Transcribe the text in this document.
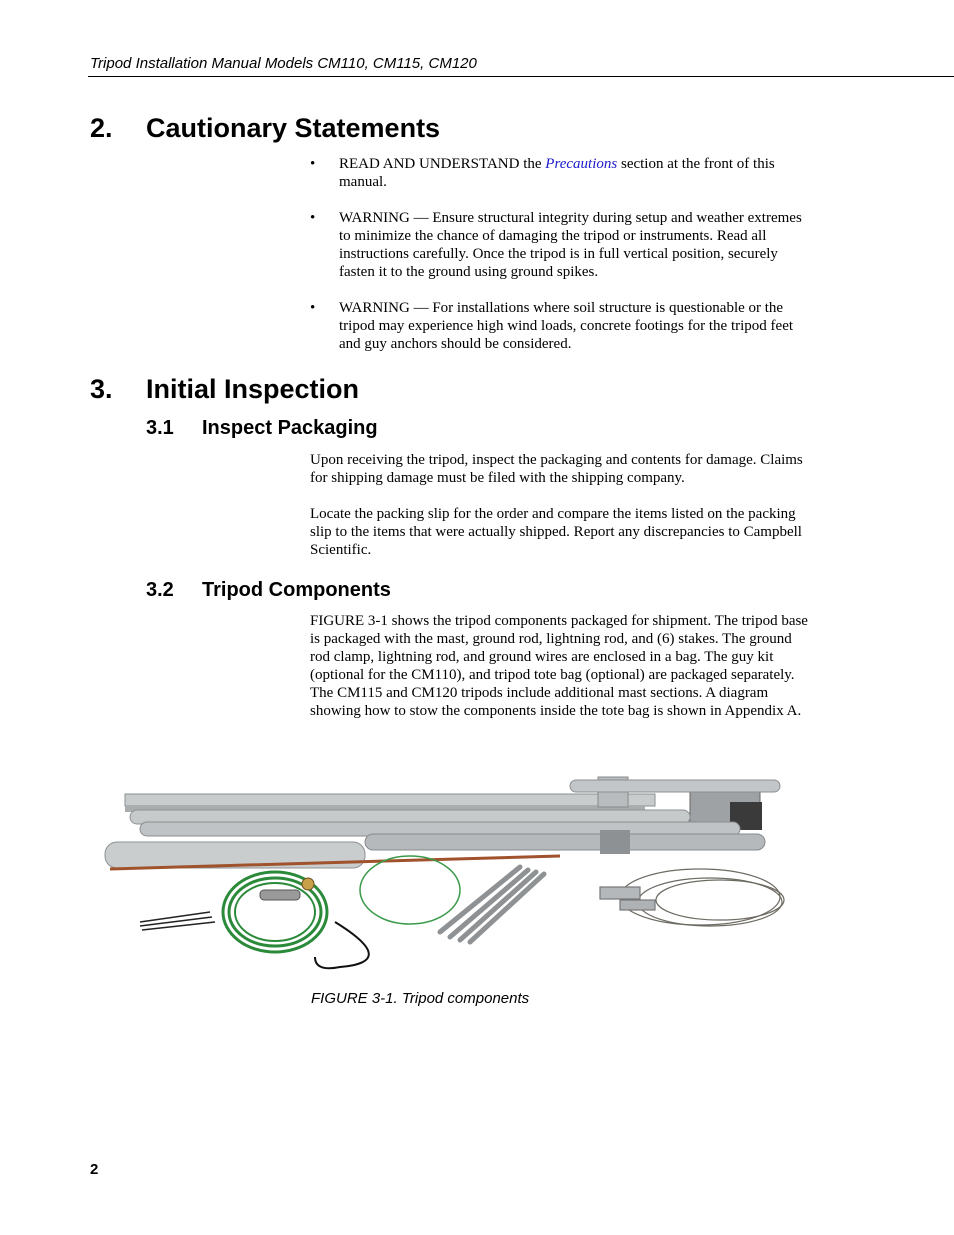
Tripod Installation Manual Models CM110, CM115, CM120
2. Cautionary Statements
• READ AND UNDERSTAND the Precautions section at the front of this manual.
• WARNING — Ensure structural integrity during setup and weather extremes to minimize the chance of damaging the tripod or instruments. Read all instructions carefully. Once the tripod is in full vertical position, securely fasten it to the ground using ground spikes.
• WARNING — For installations where soil structure is questionable or the tripod may experience high wind loads, concrete footings for the tripod feet and guy anchors should be considered.
3. Initial Inspection
3.1 Inspect Packaging

Upon receiving the tripod, inspect the packaging and contents for damage. Claims for shipping damage must be filed with the shipping company.

Locate the packing slip for the order and compare the items listed on the packing slip to the items that were actually shipped. Report any discrepancies to Campbell Scientific.

3.2 Tripod Components

FIGURE 3-1 shows the tripod components packaged for shipment. The tripod base is packaged with the mast, ground rod, lightning rod, and (6) stakes. The ground rod clamp, lightning rod, and ground wires are enclosed in a bag. The guy kit (optional for the CM110), and tripod tote bag (optional) are packaged separately. The CM115 and CM120 tripods include additional mast sections. A diagram showing how to stow the components inside the tote bag is shown in Appendix A.

FIGURE 3-1. Tripod components
2
